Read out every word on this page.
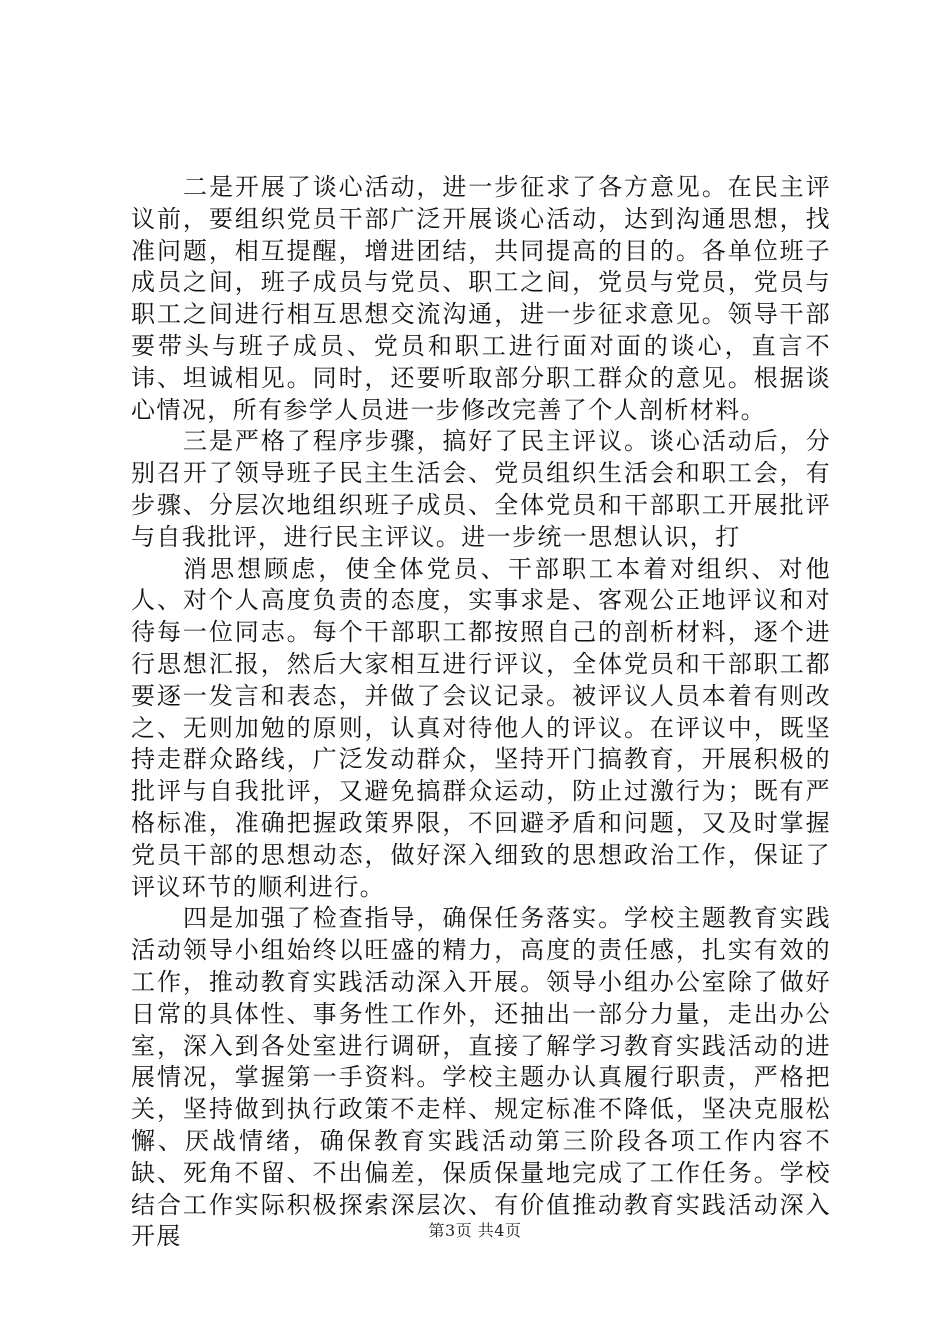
二是开展了谈心活动，进一步征求了各方意见。在民主评议前，要组织党员干部广泛开展谈心活动，达到沟通思想，找准问题，相互提醒，增进团结，共同提高的目的。各单位班子成员之间，班子成员与党员、职工之间，党员与党员，党员与职工之间进行相互思想交流沟通，进一步征求意见。领导干部要带头与班子成员、党员和职工进行面对面的谈心，直言不讳、坦诚相见。同时，还要听取部分职工群众的意见。根据谈心情况，所有参学人员进一步修改完善了个人剖析材料。

三是严格了程序步骤，搞好了民主评议。谈心活动后，分别召开了领导班子民主生活会、党员组织生活会和职工会，有步骤、分层次地组织班子成员、全体党员和干部职工开展批评与自我批评，进行民主评议。进一步统一思想认识，打

消思想顾虑，使全体党员、干部职工本着对组织、对他人、对个人高度负责的态度，实事求是、客观公正地评议和对待每一位同志。每个干部职工都按照自己的剖析材料，逐个进行思想汇报，然后大家相互进行评议，全体党员和干部职工都要逐一发言和表态，并做了会议记录。被评议人员本着有则改之、无则加勉的原则，认真对待他人的评议。在评议中，既坚持走群众路线，广泛发动群众，坚持开门搞教育，开展积极的批评与自我批评，又避免搞群众运动，防止过激行为；既有严格标准，准确把握政策界限，不回避矛盾和问题，又及时掌握党员干部的思想动态，做好深入细致的思想政治工作，保证了评议环节的顺利进行。

四是加强了检查指导，确保任务落实。学校主题教育实践活动领导小组始终以旺盛的精力，高度的责任感，扎实有效的工作，推动教育实践活动深入开展。领导小组办公室除了做好日常的具体性、事务性工作外，还抽出一部分力量，走出办公室，深入到各处室进行调研，直接了解学习教育实践活动的进展情况，掌握第一手资料。学校主题办认真履行职责，严格把关，坚持做到执行政策不走样、规定标准不降低，坚决克服松懈、厌战情绪，确保教育实践活动第三阶段各项工作内容不缺、死角不留、不出偏差，保质保量地完成了工作任务。学校结合工作实际积极探索深层次、有价值推动教育实践活动深入开展	第3页 共4页
